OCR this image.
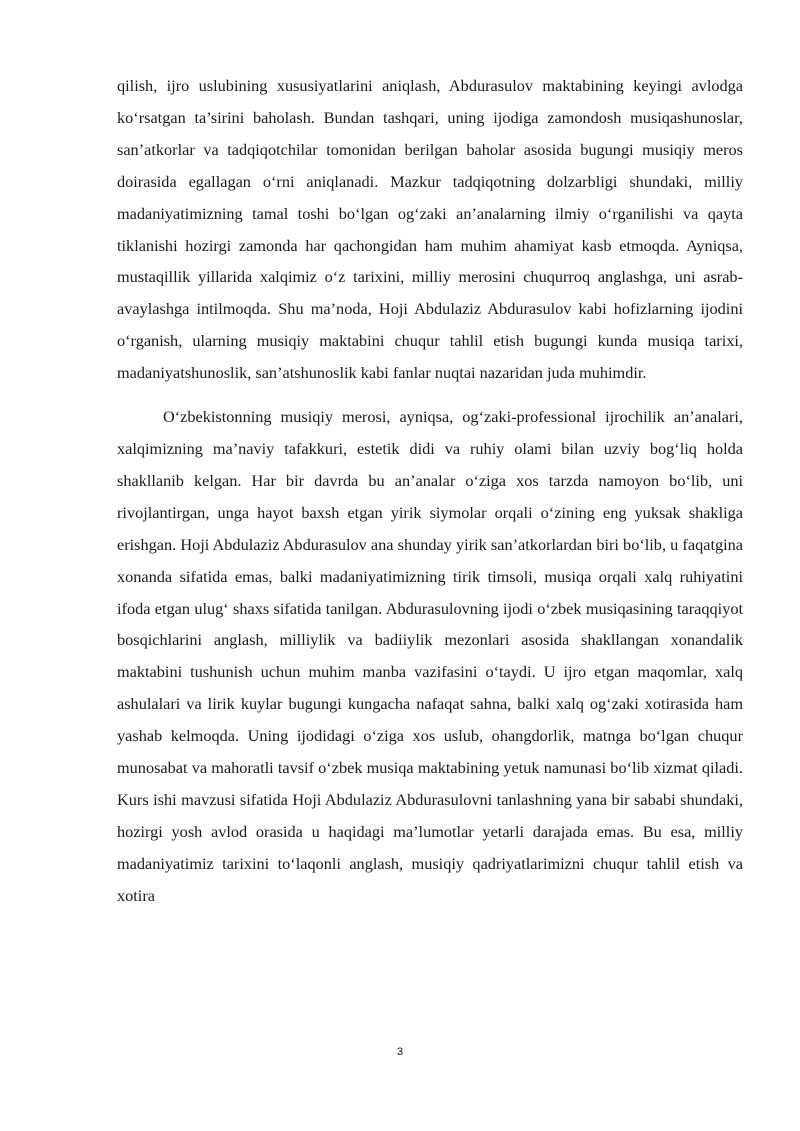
qilish, ijro uslubining xususiyatlarini aniqlash, Abdurasulov maktabining keyingi avlodga ko‘rsatgan ta’sirini baholash. Bundan tashqari, uning ijodiga zamondosh musiqashunoslar, san’atkorlar va tadqiqotchilar tomonidan berilgan baholar asosida bugungi musiqiy meros doirasida egallagan o‘rni aniqlanadi. Mazkur tadqiqotning dolzarbligi shundaki, milliy madaniyatimizning tamal toshi bo‘lgan og‘zaki an’analarning ilmiy o‘rganilishi va qayta tiklanishi hozirgi zamonda har qachongidan ham muhim ahamiyat kasb etmoqda. Ayniqsa, mustaqillik yillarida xalqimiz o‘z tarixini, milliy merosini chuqurroq anglashga, uni asrab-avaylashga intilmoqda. Shu ma’noda, Hoji Abdulaziz Abdurasulov kabi hofizlarning ijodini o‘rganish, ularning musiqiy maktabini chuqur tahlil etish bugungi kunda musiqa tarixi, madaniyatshunoslik, san’atshunoslik kabi fanlar nuqtai nazaridan juda muhimdir.

O‘zbekistonning musiqiy merosi, ayniqsa, og‘zaki-professional ijrochilik an’analari, xalqimizning ma’naviy tafakkuri, estetik didi va ruhiy olami bilan uzviy bog‘liq holda shakllanib kelgan. Har bir davrda bu an’analar o‘ziga xos tarzda namoyon bo‘lib, uni rivojlantirgan, unga hayot baxsh etgan yirik siymolar orqali o‘zining eng yuksak shakliga erishgan. Hoji Abdulaziz Abdurasulov ana shunday yirik san’atkorlardan biri bo‘lib, u faqatgina xonanda sifatida emas, balki madaniyatimizning tirik timsoli, musiqa orqali xalq ruhiyatini ifoda etgan ulug‘ shaxs sifatida tanilgan. Abdurasulovning ijodi o‘zbek musiqasining taraqqiyot bosqichlarini anglash, milliylik va badiiylik mezonlari asosida shakllangan xonandalik maktabini tushunish uchun muhim manba vazifasini o‘taydi. U ijro etgan maqomlar, xalq ashulalari va lirik kuylar bugungi kungacha nafaqat sahna, balki xalq og‘zaki xotirasida ham yashab kelmoqda. Uning ijodidagi o‘ziga xos uslub, ohangdorlik, matnga bo‘lgan chuqur munosabat va mahoratli tavsif o‘zbek musiqa maktabining yetuk namunasi bo‘lib xizmat qiladi. Kurs ishi mavzusi sifatida Hoji Abdulaziz Abdurasulovni tanlashning yana bir sababi shundaki, hozirgi yosh avlod orasida u haqidagi ma’lumotlar yetarli darajada emas. Bu esa, milliy madaniyatimiz tarixini to‘laqonli anglash, musiqiy qadriyatlarimizni chuqur tahlil etish va xotira

3
